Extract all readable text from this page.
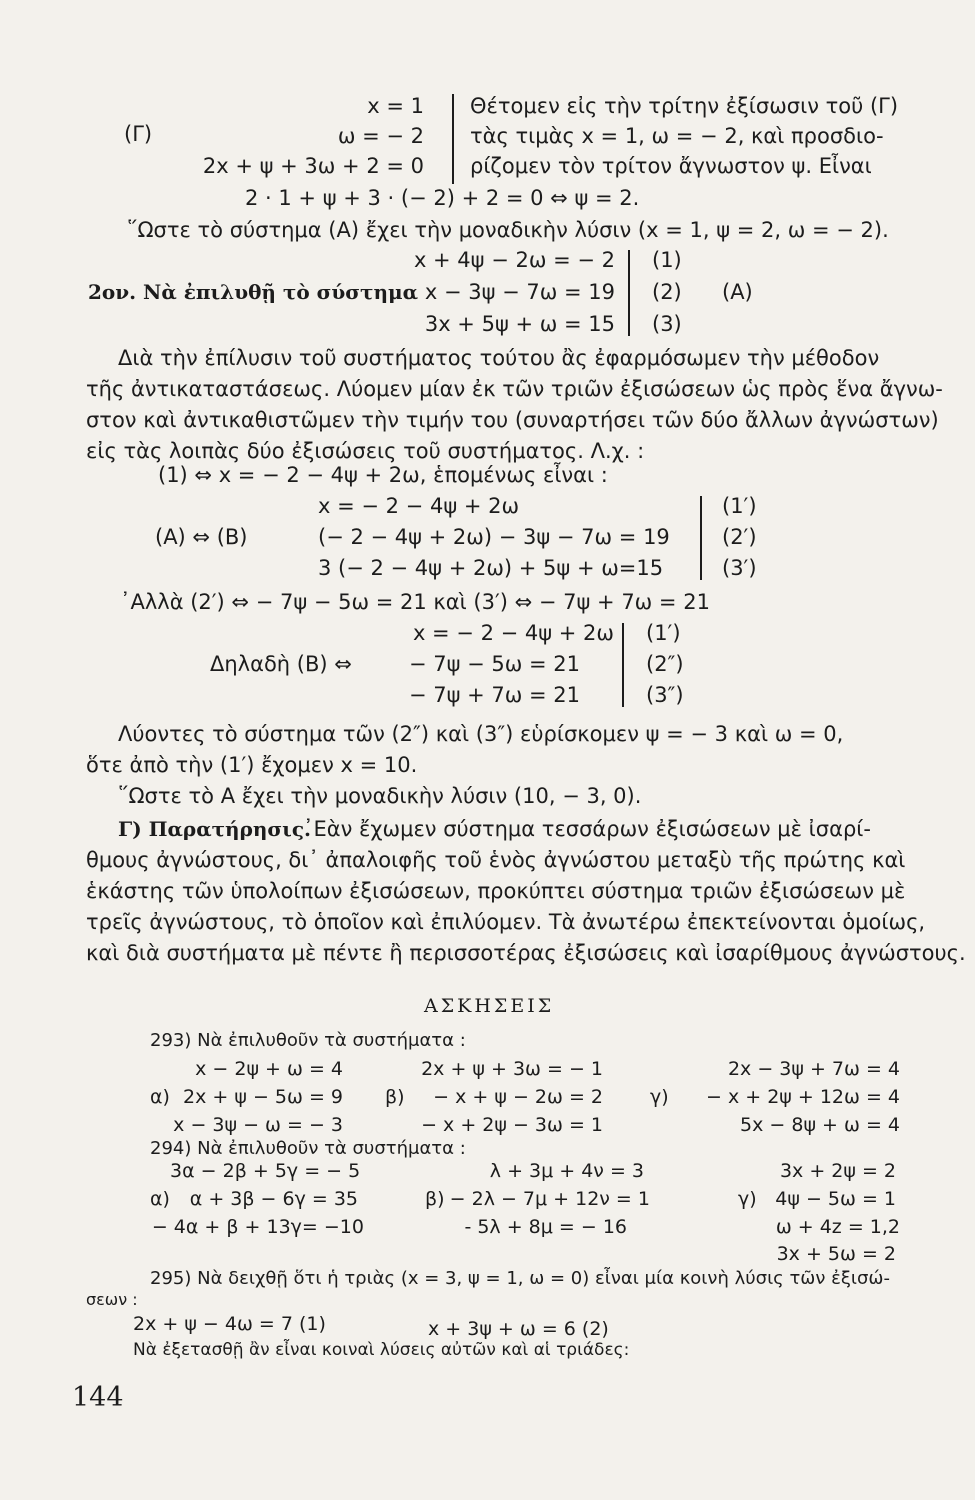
(Γ)
x = 1
ω = − 2
2x + ψ + 3ω + 2 = 0
Θέτομεν εἰς τὴν τρίτην ἐξίσωσιν τοῦ (Γ)
τὰς τιμὰς x = 1, ω = − 2, καὶ προσδιο-
ρίζομεν τὸν τρίτον ἄγνωστον ψ. Εἶναι
2 · 1 + ψ + 3 · (− 2) + 2 = 0 ⇔ ψ = 2.
῞Ωστε τὸ σύστημα (Α) ἔχει τὴν μοναδικὴν λύσιν (x = 1, ψ = 2, ω = − 2).
2ον. Νὰ ἐπιλυθῇ τὸ σύστημα
x + 4ψ − 2ω = − 2
x − 3ψ − 7ω = 19
3x + 5ψ + ω = 15
(1)
(2)
(3)
(Α)
Διὰ τὴν ἐπίλυσιν τοῦ συστήματος τούτου ἂς ἐφαρμόσωμεν τὴν μέθοδον
τῆς ἀντικαταστάσεως. Λύομεν μίαν ἐκ τῶν τριῶν ἐξισώσεων ὡς πρὸς ἕνα ἄγνω-
στον καὶ ἀντικαθιστῶμεν τὴν τιμήν του (συναρτήσει τῶν δύο ἄλλων ἀγνώστων)
εἰς τὰς λοιπὰς δύο ἐξισώσεις τοῦ συστήματος. Λ.χ. :
(1) ⇔ x = − 2 − 4ψ + 2ω, ἑπομένως εἶναι :
(Α) ⇔ (Β)
x = − 2 − 4ψ + 2ω
(− 2 − 4ψ + 2ω) − 3ψ − 7ω = 19
3 (− 2 − 4ψ + 2ω) + 5ψ + ω=15
(1′)
(2′)
(3′)
᾿Αλλὰ (2′) ⇔ − 7ψ − 5ω = 21 καὶ (3′) ⇔ − 7ψ + 7ω = 21
Δηλαδὴ (Β) ⇔
x = − 2 − 4ψ + 2ω
− 7ψ − 5ω = 21
− 7ψ + 7ω = 21
(1′)
(2″)
(3″)
Λύοντες τὸ σύστημα τῶν (2″) καὶ (3″) εὑρίσκομεν ψ = − 3 καὶ ω = 0,
ὅτε ἀπὸ τὴν (1′) ἔχομεν x = 10.
῞Ωστε τὸ Α ἔχει τὴν μοναδικὴν λύσιν (10, − 3, 0).
Γ) Παρατήρησις.
᾿Εὰν ἔχωμεν σύστημα τεσσάρων ἐξισώσεων μὲ ἰσαρί-
θμους ἀγνώστους, δι᾿ ἀπαλοιφῆς τοῦ ἑνὸς ἀγνώστου μεταξὺ τῆς πρώτης καὶ
ἑκάστης τῶν ὑπολοίπων ἐξισώσεων, προκύπτει σύστημα τριῶν ἐξισώσεων μὲ
τρεῖς ἀγνώστους, τὸ ὁποῖον καὶ ἐπιλύομεν. Τὰ ἀνωτέρω ἐπεκτείνονται ὁμοίως,
καὶ διὰ συστήματα μὲ πέντε ἢ περισσοτέρας ἐξισώσεις καὶ ἰσαρίθμους ἀγνώστους.
ΑΣΚΗΣΕΙΣ
293) Νὰ ἐπιλυθοῦν τὰ συστήματα :
α)
x − 2ψ + ω = 4
2x + ψ − 5ω = 9
x − 3ψ − ω = − 3
β)
2x + ψ + 3ω = − 1
− x + ψ − 2ω = 2
− x + 2ψ − 3ω = 1
γ)
2x − 3ψ + 7ω = 4
− x + 2ψ + 12ω = 4
5x − 8ψ + ω = 4
294) Νὰ ἐπιλυθοῦν τὰ συστήματα :
α)
3α − 2β + 5γ = − 5
α + 3β − 6γ = 35
− 4α + β + 13γ= −10
β)
λ + 3μ + 4ν = 3
− 2λ − 7μ + 12ν = 1
- 5λ + 8μ = − 16
γ)
3x + 2ψ = 2
4ψ − 5ω = 1
ω + 4z = 1,2
3x + 5ω = 2
295) Νὰ δειχθῇ ὅτι ἡ τριὰς (x = 3, ψ = 1, ω = 0) εἶναι μία κοινὴ λύσις τῶν ἐξισώ-
σεων :
2x + ψ − 4ω = 7 (1)	x + 3ψ + ω = 6 (2)
Νὰ ἐξετασθῇ ἂν εἶναι κοιναὶ λύσεις αὐτῶν καὶ αἱ τριάδες:
144
